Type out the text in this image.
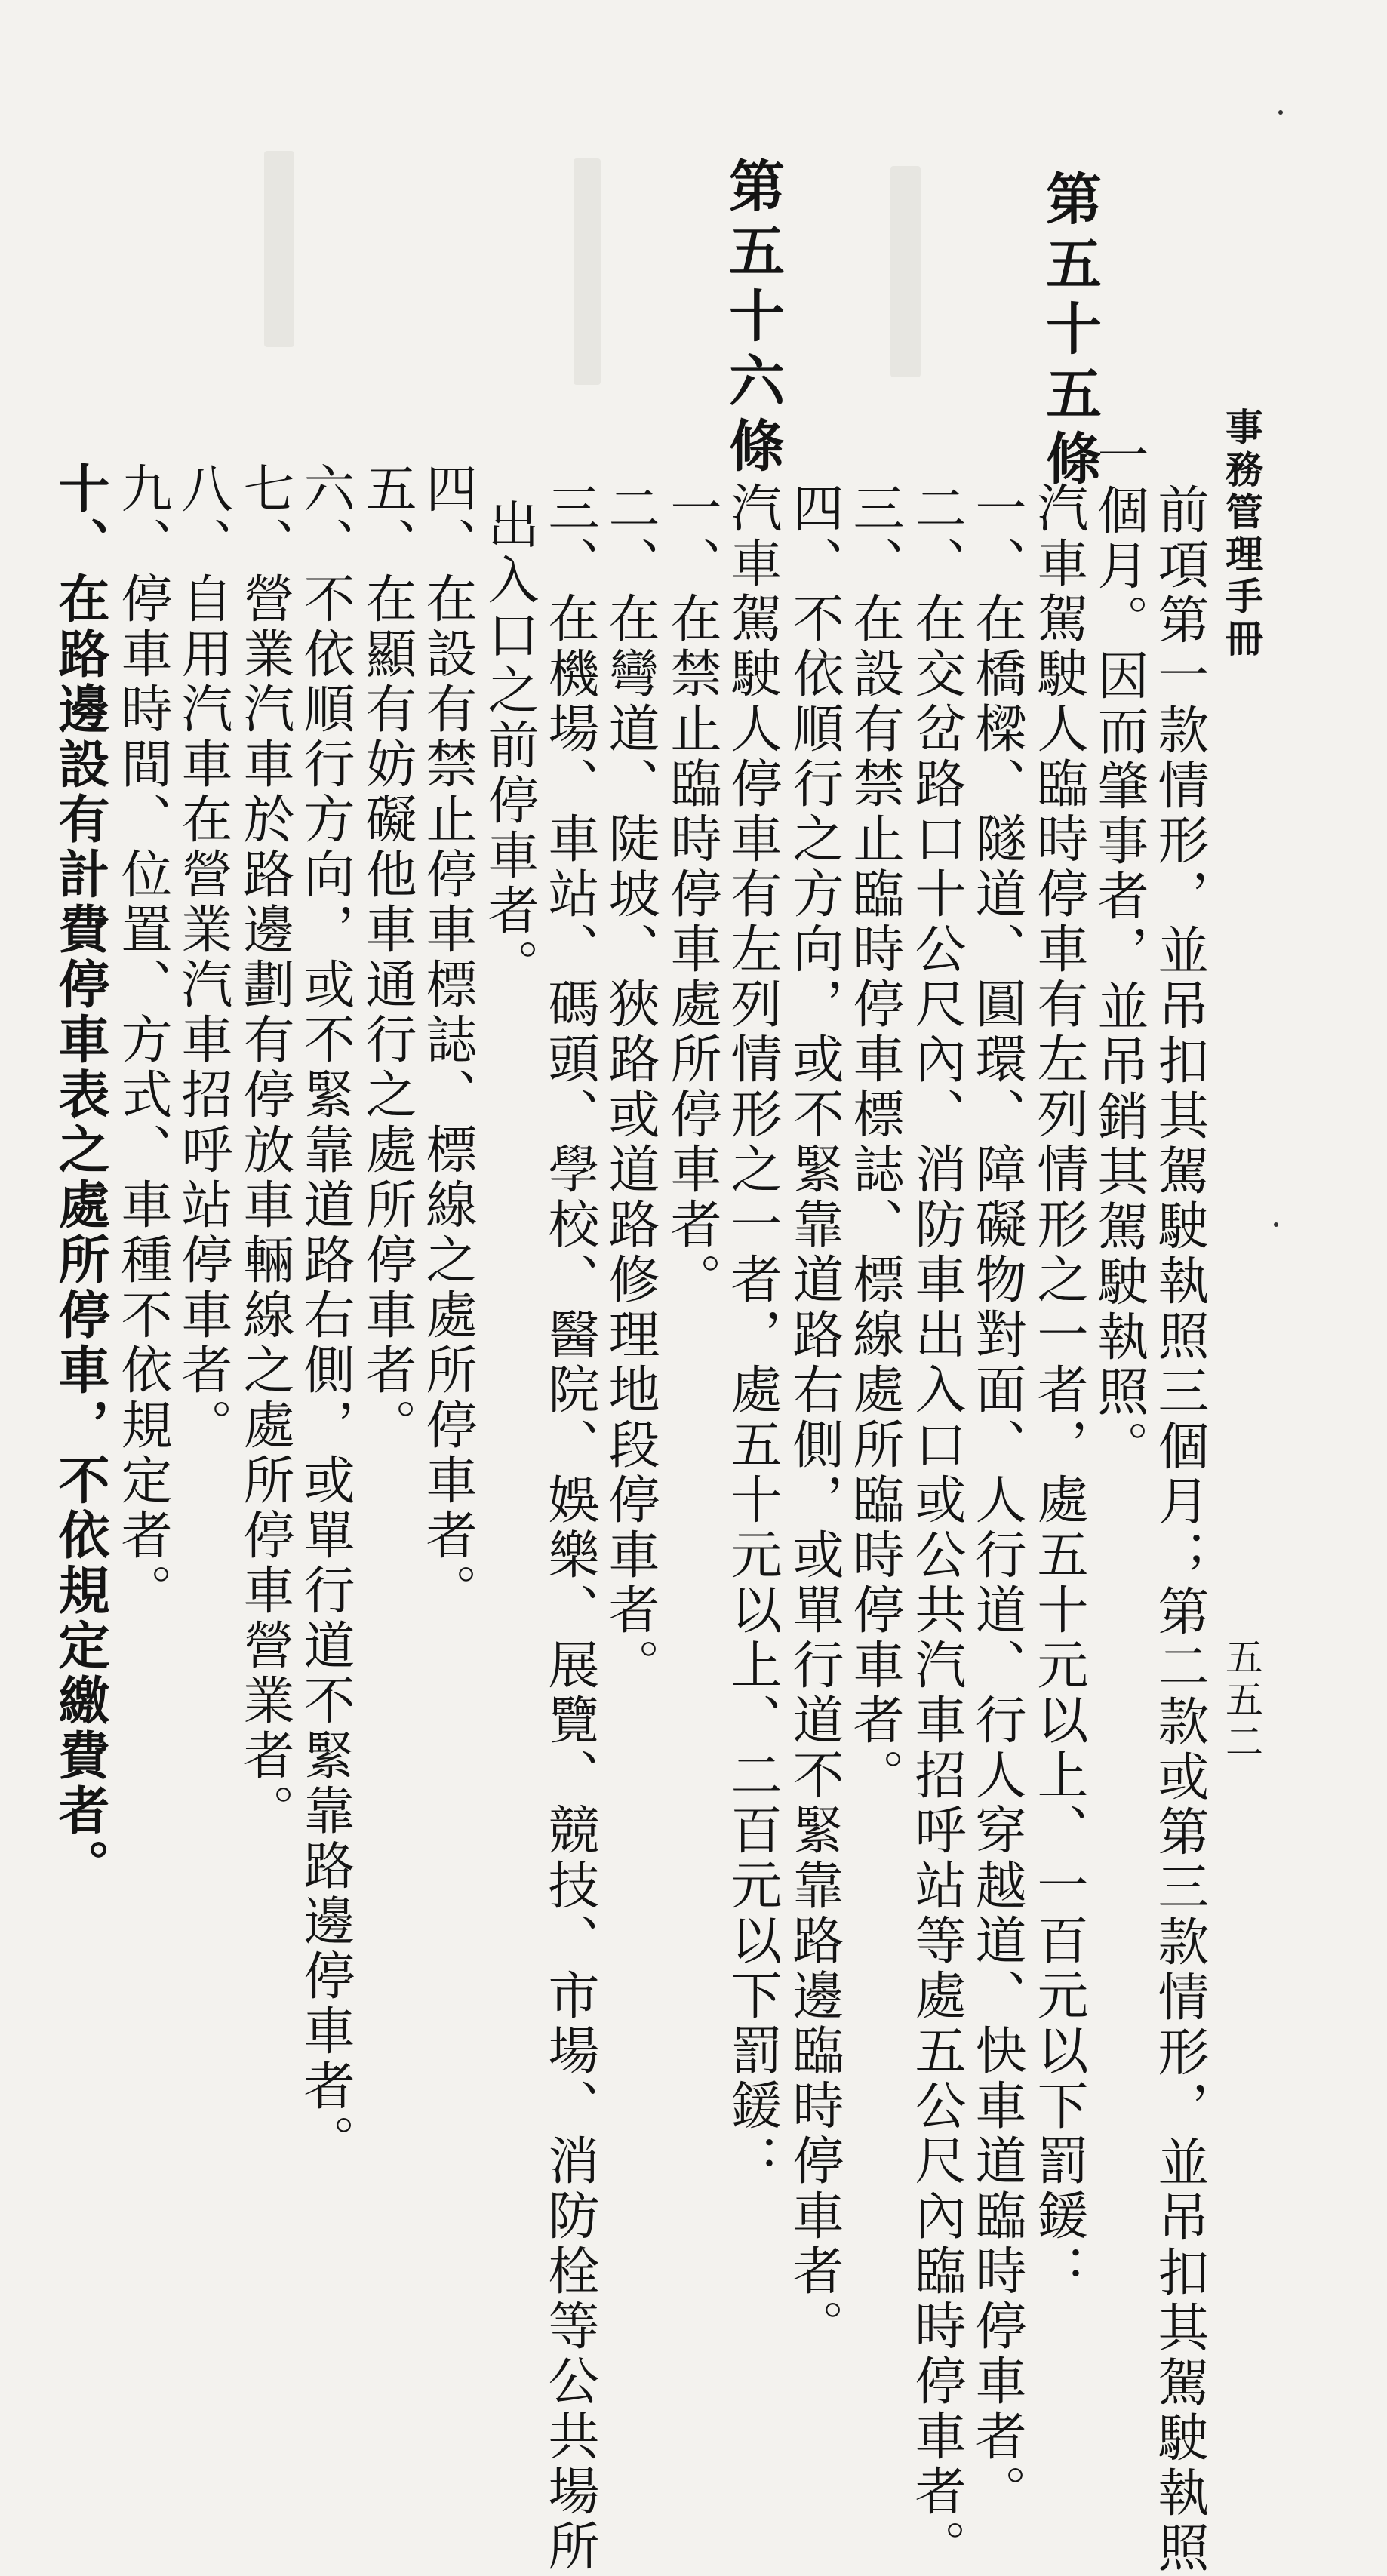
事務管理手冊
五五二
第五十五條
前項第一款情形，並吊扣其駕駛執照三個月；第二款或第三款情形，並吊扣其駕駛執照
一個月。因而肇事者，並吊銷其駕駛執照。
汽車駕駛人臨時停車有左列情形之一者，處五十元以上、一百元以下罰鍰：
一、在橋樑、隧道、圓環、障礙物對面、人行道、行人穿越道、快車道臨時停車者。
二、在交岔路口十公尺內、消防車出入口或公共汽車招呼站等處五公尺內臨時停車者。
三、在設有禁止臨時停車標誌、標線處所臨時停車者。
四、不依順行之方向，或不緊靠道路右側，或單行道不緊靠路邊臨時停車者。
第五十六條
汽車駕駛人停車有左列情形之一者，處五十元以上、二百元以下罰鍰：
一、在禁止臨時停車處所停車者。
二、在彎道、陡坡、狹路或道路修理地段停車者。
三、在機場、車站、碼頭、學校、醫院、娛樂、展覽、競技、市場、消防栓等公共場所
出入口之前停車者。
四、在設有禁止停車標誌、標線之處所停車者。
五、在顯有妨礙他車通行之處所停車者。
六、不依順行方向，或不緊靠道路右側，或單行道不緊靠路邊停車者。
七、營業汽車於路邊劃有停放車輛線之處所停車營業者。
八、自用汽車在營業汽車招呼站停車者。
九、停車時間、位置、方式、車種不依規定者。
十、在路邊設有計費停車表之處所停車，不依規定繳費者。
